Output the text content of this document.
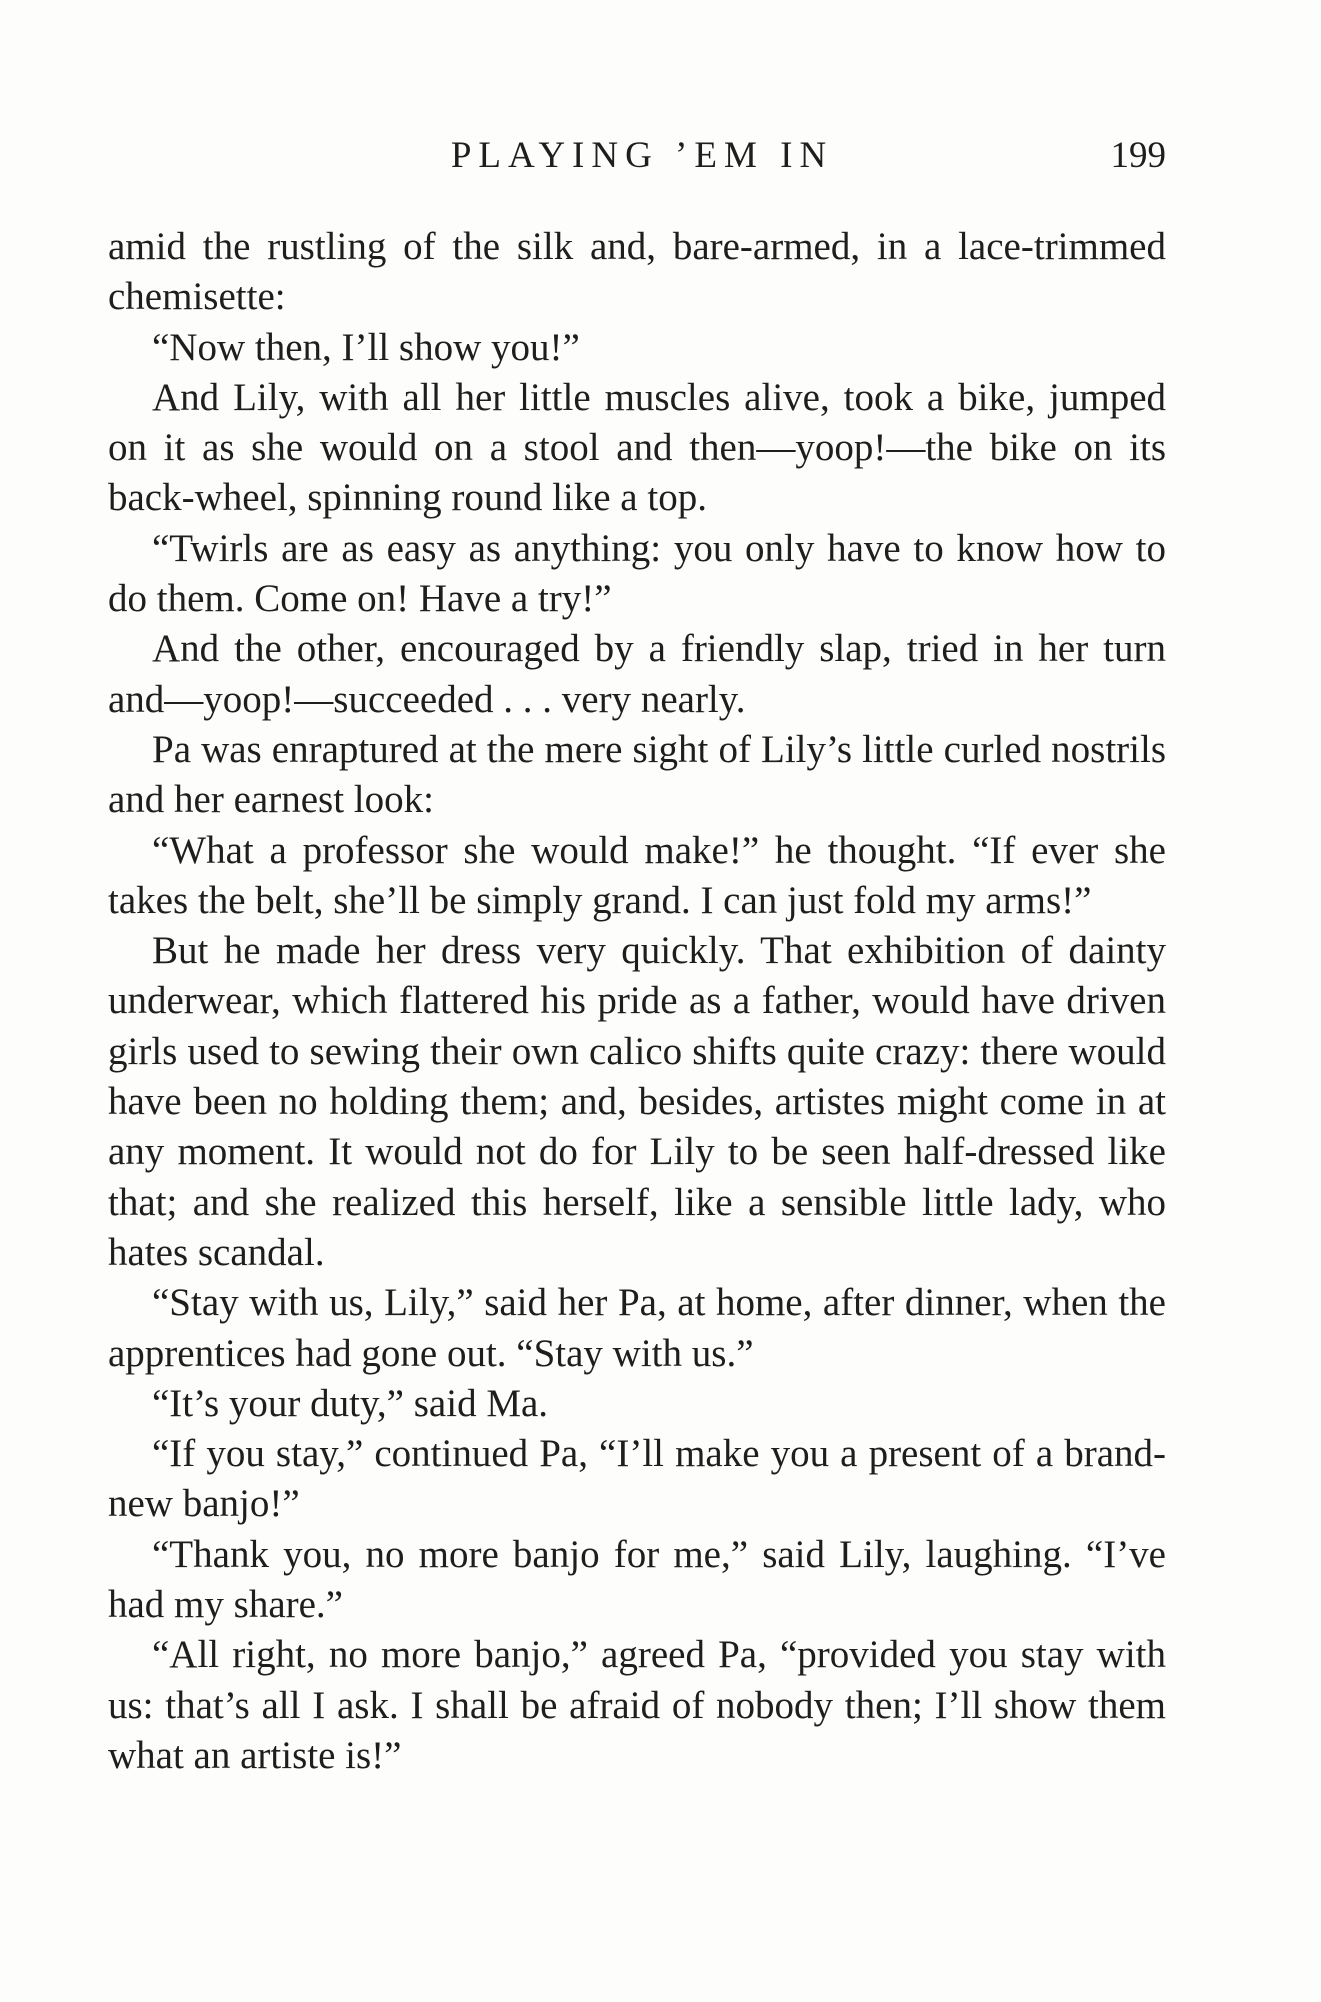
PLAYING ’EM IN	199

amid the rustling of the silk and, bare-armed, in a lace-trimmed chemisette:

“Now then, I’ll show you!”

And Lily, with all her little muscles alive, took a bike, jumped on it as she would on a stool and then—yoop!—the bike on its back-wheel, spinning round like a top.

“Twirls are as easy as anything: you only have to know how to do them. Come on! Have a try!”

And the other, encouraged by a friendly slap, tried in her turn and—yoop!—succeeded . . . very nearly.

Pa was enraptured at the mere sight of Lily’s little curled nostrils and her earnest look:

“What a professor she would make!” he thought. “If ever she takes the belt, she’ll be simply grand. I can just fold my arms!”

But he made her dress very quickly. That exhibition of dainty underwear, which flattered his pride as a father, would have driven girls used to sewing their own calico shifts quite crazy: there would have been no holding them; and, besides, artistes might come in at any moment. It would not do for Lily to be seen half-dressed like that; and she realized this herself, like a sensible little lady, who hates scandal.

“Stay with us, Lily,” said her Pa, at home, after dinner, when the apprentices had gone out. “Stay with us.”

“It’s your duty,” said Ma.

“If you stay,” continued Pa, “I’ll make you a present of a brand-new banjo!”

“Thank you, no more banjo for me,” said Lily, laughing. “I’ve had my share.”

“All right, no more banjo,” agreed Pa, “provided you stay with us: that’s all I ask. I shall be afraid of nobody then; I’ll show them what an artiste is!”
